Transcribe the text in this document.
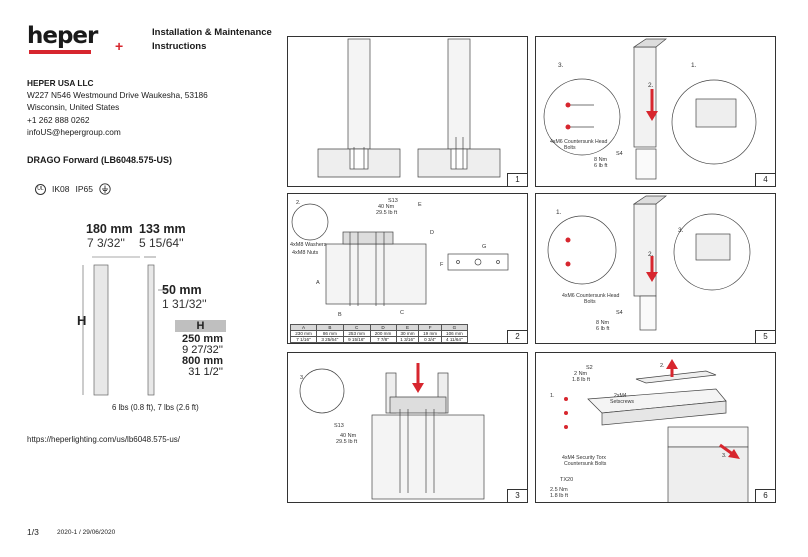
heper +
Installation & Maintenance
Instructions
HEPER USA LLC
W227 N546 Westmound Drive Waukesha, 53186
Wisconsin, United States
+1 262 888 0262
infoUS@hepergroup.com
DRAGO Forward (LB6048.575-US)
UL IK08 IP65
180 mm
7 3/32''
133 mm
5 15/64''
50 mm
1 31/32''
H	H
250 mm
9 27/32''
800 mm
31 1/2''
6 lbs (0.8 ft), 7 lbs (2.6 ft)
https://heperlighting.com/us/lb6048.575-us/
1/3	2020-1 / 29/06/2020
1
3.
2.
1.
4xM6 Countersunk Head
Bolts
S4
8 Nm
6 lb ft
4
2.	S13
40 Nm
29.5 lb ft
4xM8 Washers
4xM8 Nuts
A
B	C
D
E
F
G
A	B	C	D	E	F	G
230 mm	86 mm	253 mm	200 mm	30 mm	19 mm	106 mm
7 1/16''	3 25/64''	9 15/16''	7 7/8''	1 3/16''	0 3/4''	4 11/64''	2
1.
2.
3.
4xM6 Countersunk Head
Bolts
S4
8 Nm
6 lb ft
5
3.
S13
40 Nm
29.5 lb ft
3
1.
2.
3.
S2
2 Nm
1.8 lb ft
2xM4
Setscrews
4xM4 Security Torx
Countersunk Bolts
TX20
2.5 Nm
1.8 lb ft	6
